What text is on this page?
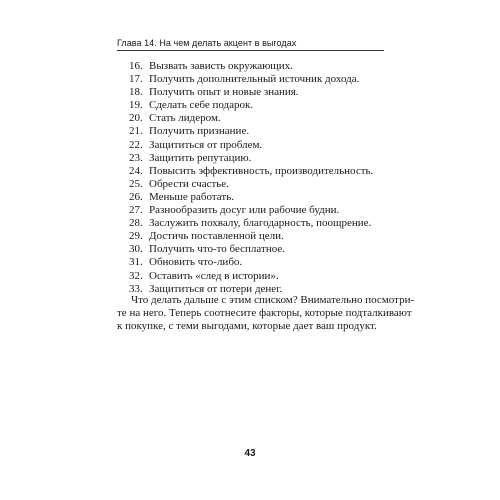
Глава 14. На чем делать акцент в выгодах
16. Вызвать зависть окружающих.
17. Получить дополнительный источник дохода.
18. Получить опыт и новые знания.
19. Сделать себе подарок.
20. Стать лидером.
21. Получить признание.
22. Защититься от проблем.
23. Защитить репутацию.
24. Повысить эффективность, производительность.
25. Обрести счастье.
26. Меньше работать.
27. Разнообразить досуг или рабочие будни.
28. Заслужить похвалу, благодарность, поощрение.
29. Достичь поставленной цели.
30. Получить что-то бесплатное.
31. Обновить что-либо.
32. Оставить «след в истории».
33. Защититься от потери денег.

Что делать дальше с этим списком? Внимательно посмотри-
те на него. Теперь соотнесите факторы, которые подталкивают
к покупке, с теми выгодами, которые дает ваш продукт.

43
